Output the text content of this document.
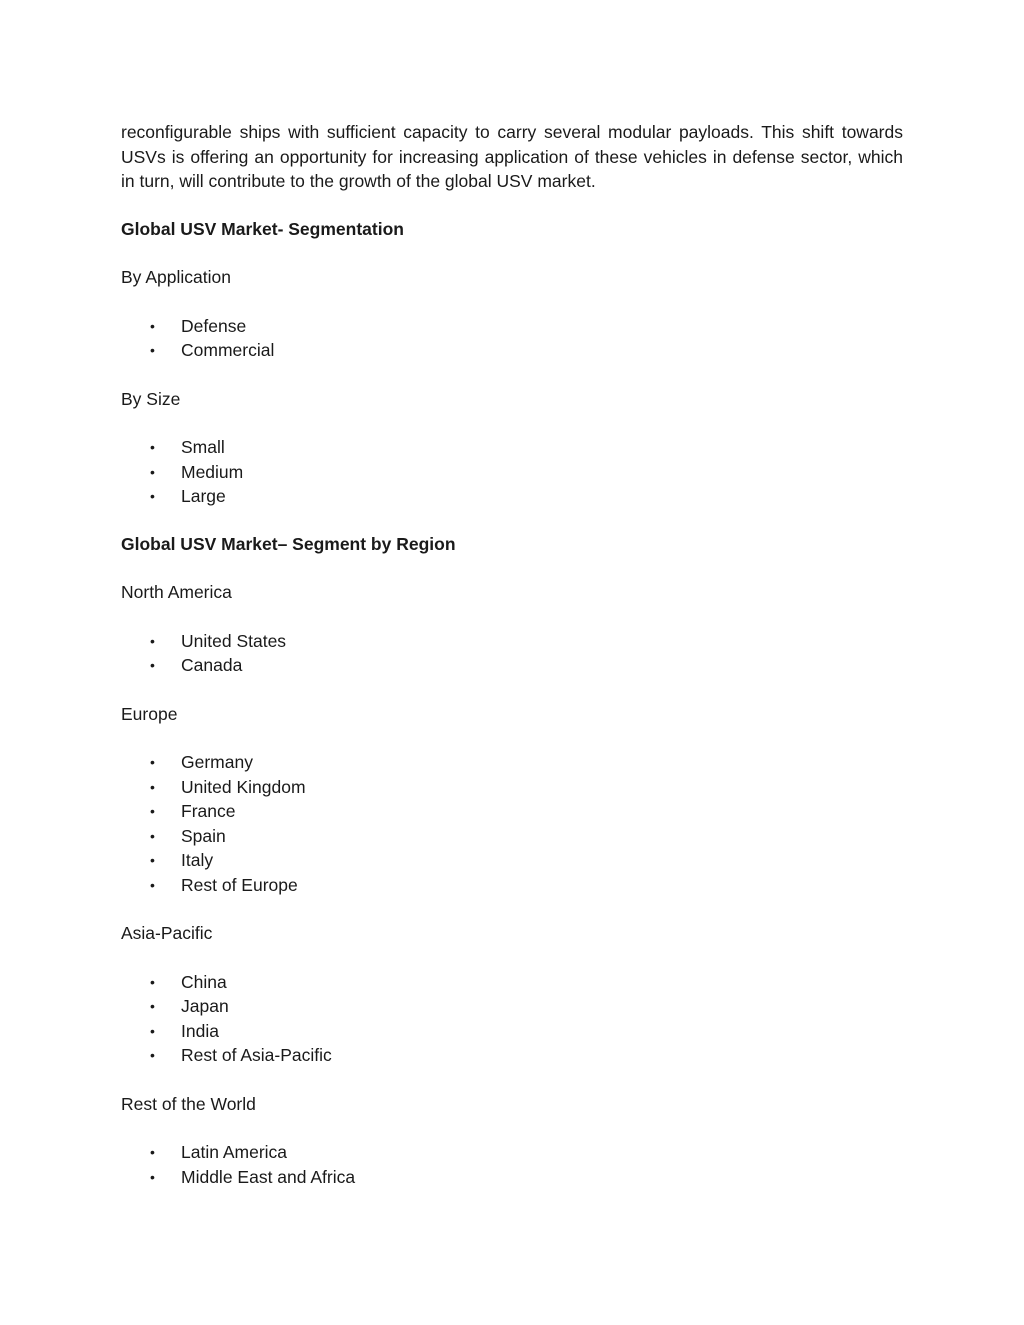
reconfigurable ships with sufficient capacity to carry several modular payloads. This shift towards USVs is offering an opportunity for increasing application of these vehicles in defense sector, which in turn, will contribute to the growth of the global USV market.

Global USV Market- Segmentation

By Application

• Defense
• Commercial

By Size

• Small
• Medium
• Large

Global USV Market– Segment by Region

North America

• United States
• Canada

Europe

• Germany
• United Kingdom
• France
• Spain
• Italy
• Rest of Europe

Asia-Pacific

• China
• Japan
• India
• Rest of Asia-Pacific

Rest of the World

• Latin America
• Middle East and Africa
